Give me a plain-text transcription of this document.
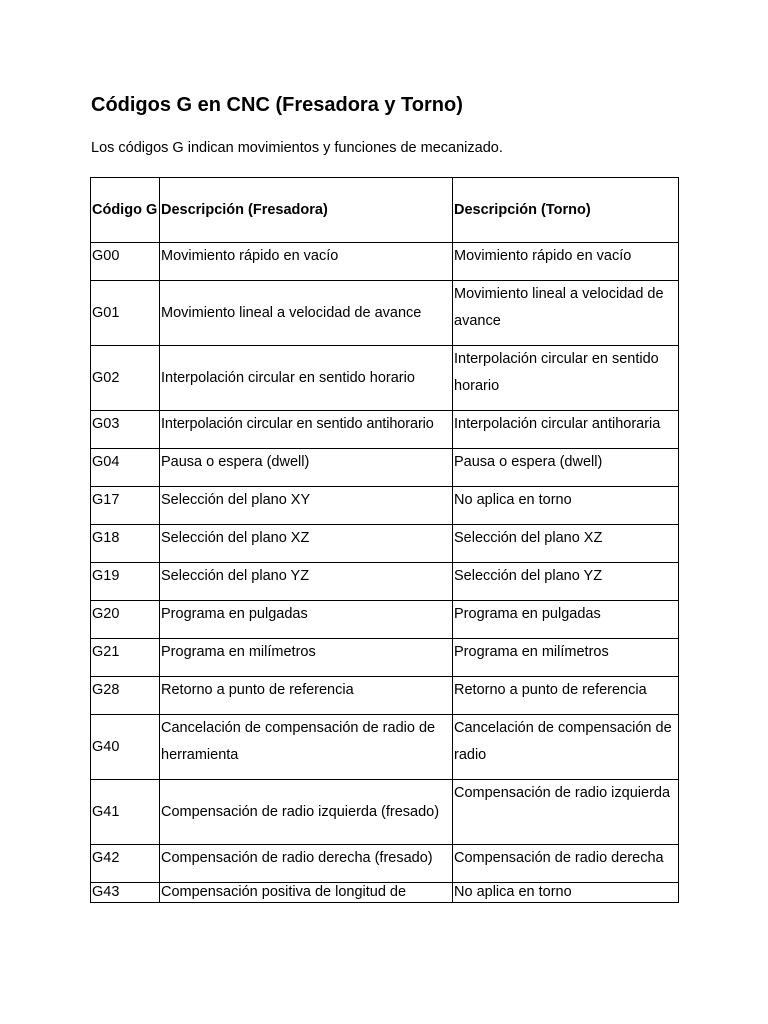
Códigos G en CNC (Fresadora y Torno)

Los códigos G indican movimientos y funciones de mecanizado.

Código G	Descripción (Fresadora)	Descripción (Torno)
G00	Movimiento rápido en vacío	Movimiento rápido en vacío
G01	Movimiento lineal a velocidad de avance	Movimiento lineal a velocidad de avance
G02	Interpolación circular en sentido horario	Interpolación circular en sentido horario
G03	Interpolación circular en sentido antihorario	Interpolación circular antihoraria
G04	Pausa o espera (dwell)	Pausa o espera (dwell)
G17	Selección del plano XY	No aplica en torno
G18	Selección del plano XZ	Selección del plano XZ
G19	Selección del plano YZ	Selección del plano YZ
G20	Programa en pulgadas	Programa en pulgadas
G21	Programa en milímetros	Programa en milímetros
G28	Retorno a punto de referencia	Retorno a punto de referencia
G40	Cancelación de compensación de radio de herramienta	Cancelación de compensación de radio
G41	Compensación de radio izquierda (fresado)	Compensación de radio izquierda
G42	Compensación de radio derecha (fresado)	Compensación de radio derecha
G43	Compensación positiva de longitud de	No aplica en torno
